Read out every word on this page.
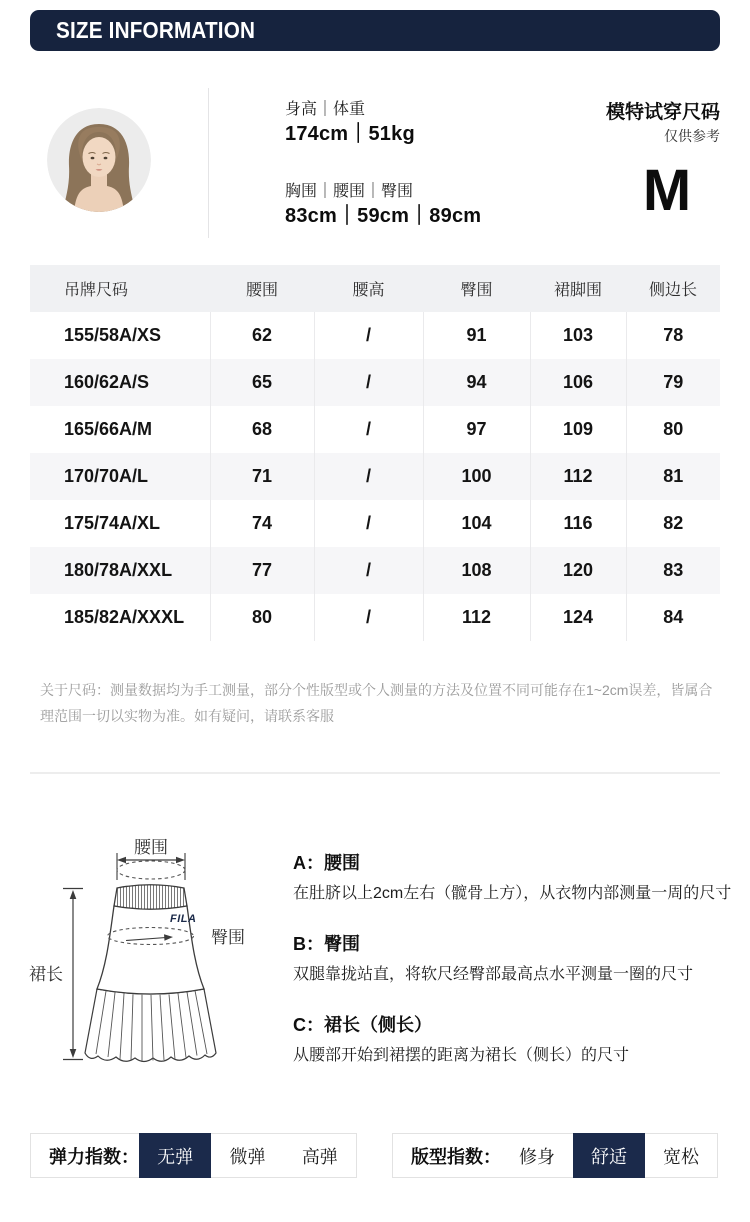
SIZE INFORMATION
身高｜体重
174cm｜51kg
胸围｜腰围｜臀围
83cm｜59cm｜89cm
模特试穿尺码
仅供参考
M
吊牌尺码	腰围	腰高	臀围	裙脚围	侧边长
155/58A/XS	62	/	91	103	78
160/62A/S	65	/	94	106	79
165/66A/M	68	/	97	109	80
170/70A/L	71	/	100	112	81
175/74A/XL	74	/	104	116	82
180/78A/XXL	77	/	108	120	83
185/82A/XXXL	80	/	112	124	84
关于尺码：测量数据均为手工测量，部分个性版型或个人测量的方法及位置不同可能存在1~2cm误差，皆属合理范围一切以实物为准。如有疑问，请联系客服
腰围
FILA
臀围
裙长
A：腰围
在肚脐以上2cm左右（髋骨上方），从衣物内部测量一周的尺寸
B：臀围
双腿靠拢站直，将软尺经臀部最高点水平测量一圈的尺寸
C：裙长（侧长）
从腰部开始到裙摆的距离为裙长（侧长）的尺寸
弹力指数：	无弹	微弹	高弹	版型指数：	修身	舒适	宽松
